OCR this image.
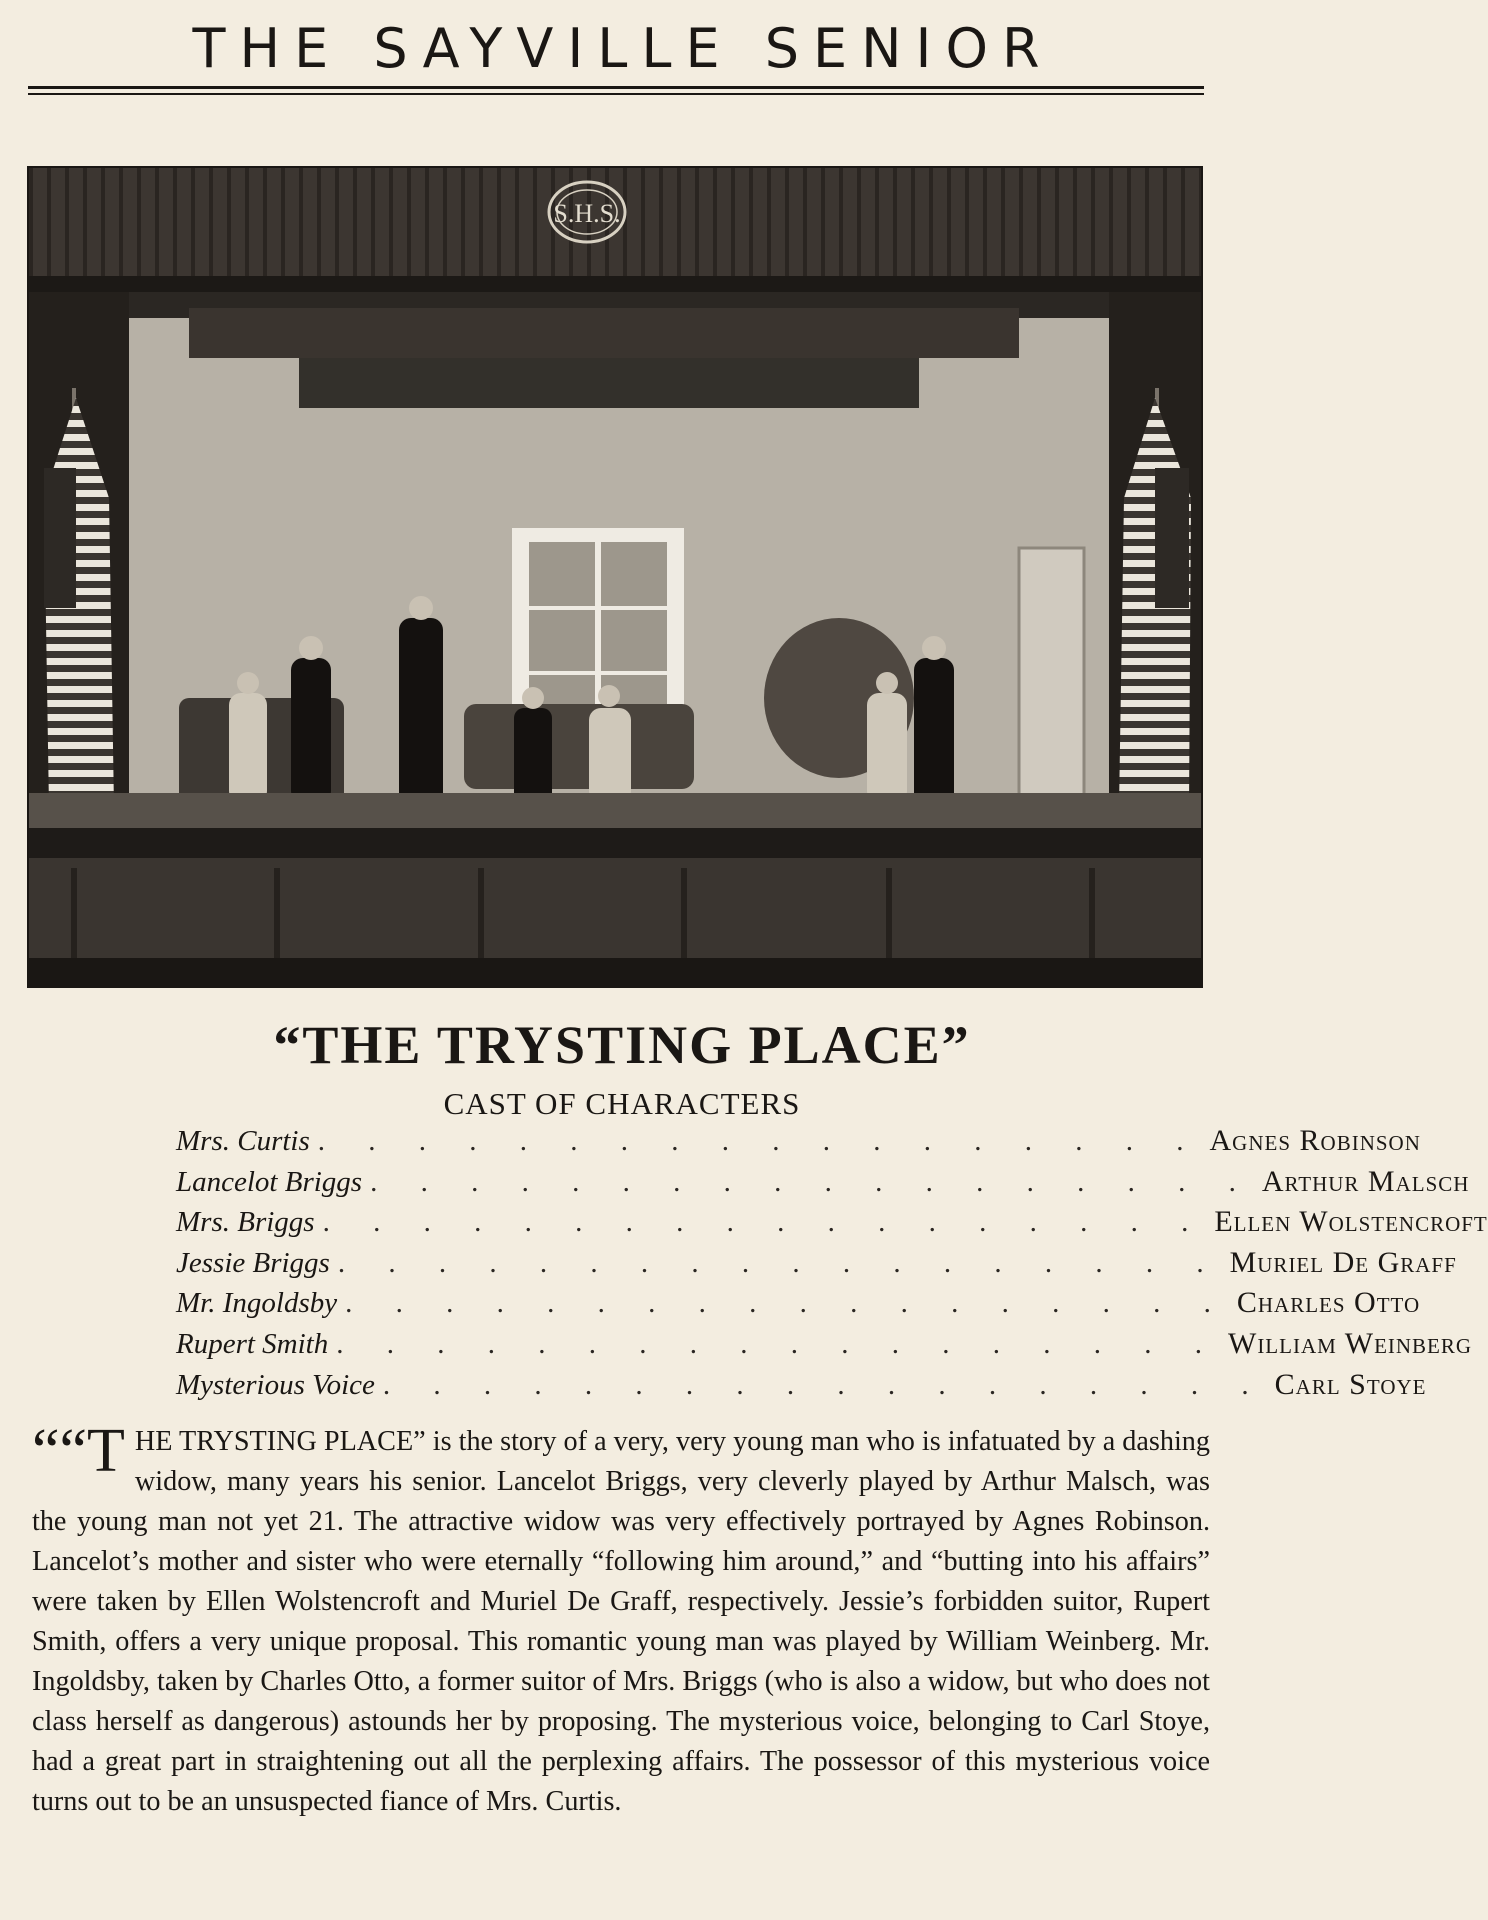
THE SAYVILLE SENIOR
S.H.S.
“THE TRYSTING PLACE”
CAST OF CHARACTERS
Mrs. Curtis . . . . . . . . . . . . . . . . . . Agnes Robinson
Lancelot Briggs . . . . . . . . . . . . . . . . . . Arthur Malsch
Mrs. Briggs . . . . . . . . . . . . . . . . . . Ellen Wolstencroft
Jessie Briggs . . . . . . . . . . . . . . . . . . Muriel De Graff
Mr. Ingoldsby . . . . . . . . . . . . . . . . . . Charles Otto
Rupert Smith . . . . . . . . . . . . . . . . . . William Weinberg
Mysterious Voice . . . . . . . . . . . . . . . . . . Carl Stoye

““T HE TRYSTING PLACE” is the story of a very, very young man who is infatuated by a dashing widow, many years his senior. Lancelot Briggs, very cleverly played by Arthur Malsch, was the young man not yet 21. The attractive widow was very effectively portrayed by Agnes Robinson. Lancelot’s mother and sister who were eternally “following him around,” and “butting into his affairs” were taken by Ellen Wolstencroft and Muriel De Graff, respectively. Jessie’s forbidden suitor, Rupert Smith, offers a very unique proposal. This romantic young man was played by William Weinberg. Mr. Ingoldsby, taken by Charles Otto, a former suitor of Mrs. Briggs (who is also a widow, but who does not class herself as dangerous) astounds her by proposing. The mysterious voice, belonging to Carl Stoye, had a great part in straightening out all the perplexing affairs. The possessor of this mysterious voice turns out to be an unsuspected fiance of Mrs. Curtis.
